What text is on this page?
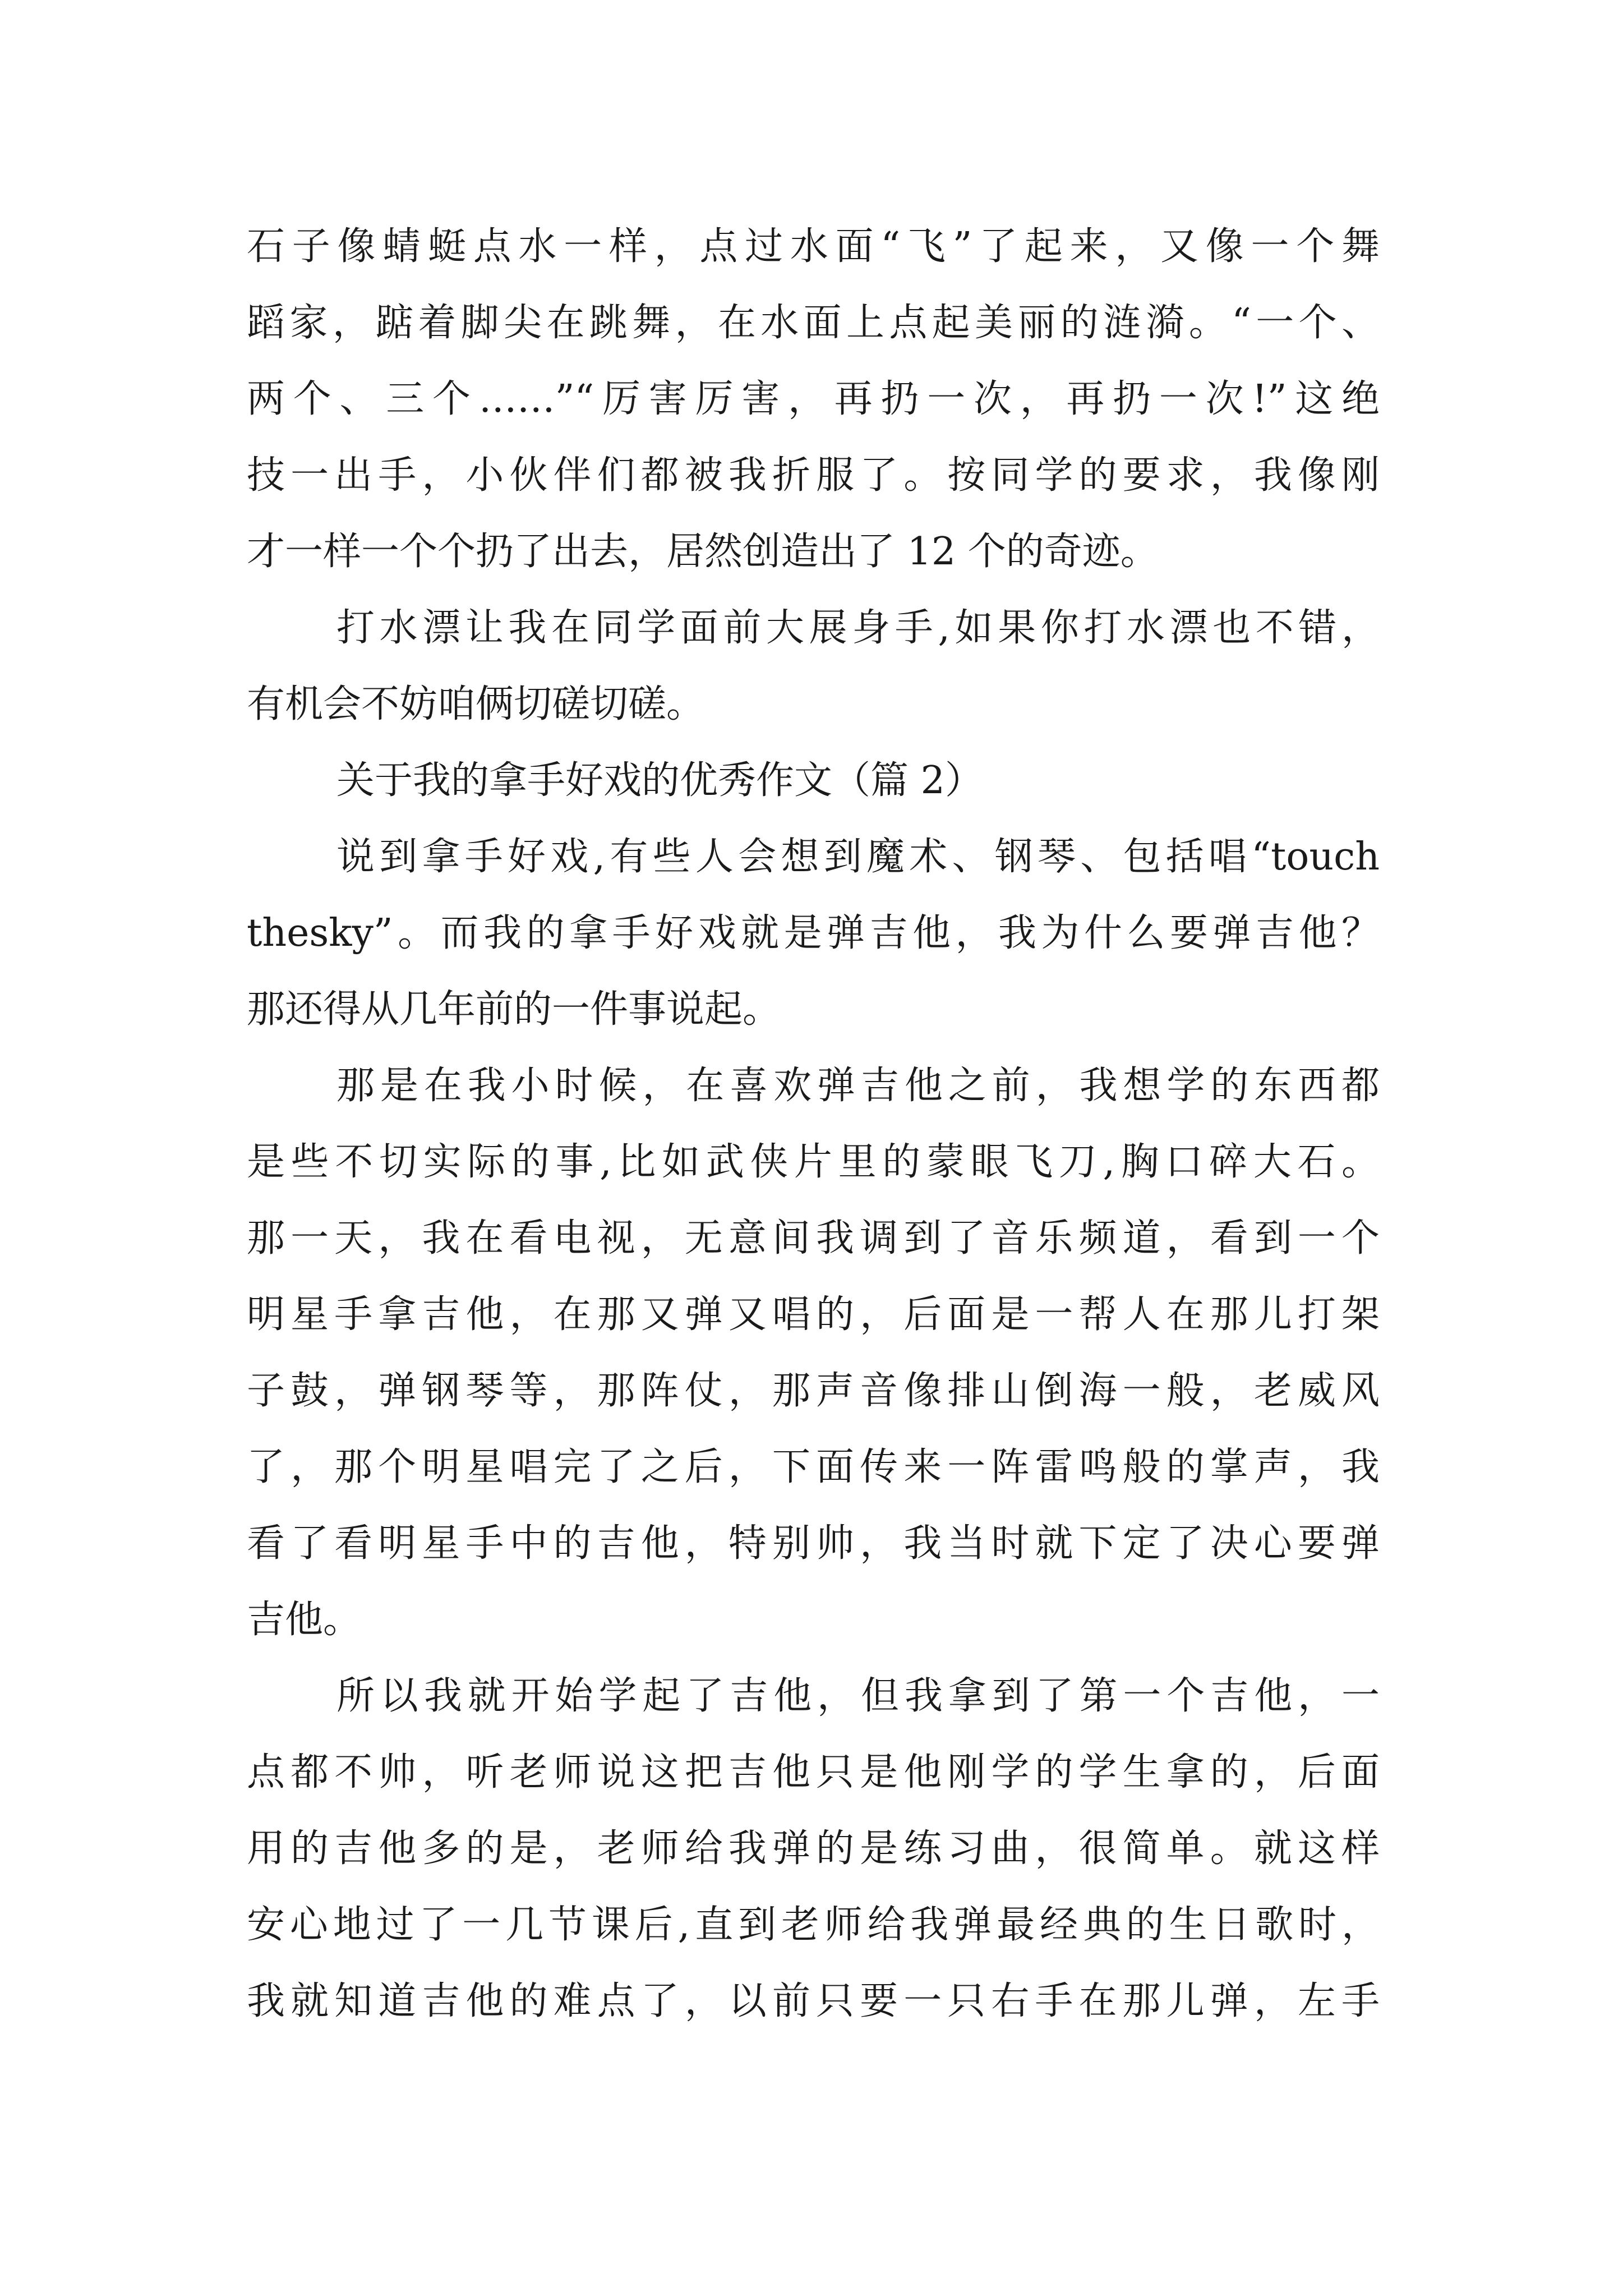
石子像蜻蜓点水一样，点过水面“飞”了起来，又像一个舞
蹈家，踮着脚尖在跳舞，在水面上点起美丽的涟漪。“一个、
两个、三个……”“厉害厉害，再扔一次，再扔一次!”这绝
技一出手，小伙伴们都被我折服了。按同学的要求，我像刚
才一样一个个扔了出去，居然创造出了 12 个的奇迹。
打水漂让我在同学面前大展身手,如果你打水漂也不错，
有机会不妨咱俩切磋切磋。
关于我的拿手好戏的优秀作文（篇 2）
说到拿手好戏,有些人会想到魔术、钢琴、包括唱“touch
thesky”。而我的拿手好戏就是弹吉他，我为什么要弹吉他？
那还得从几年前的一件事说起。
那是在我小时候，在喜欢弹吉他之前，我想学的东西都
是些不切实际的事,比如武侠片里的蒙眼飞刀,胸口碎大石。
那一天，我在看电视，无意间我调到了音乐频道，看到一个
明星手拿吉他，在那又弹又唱的，后面是一帮人在那儿打架
子鼓，弹钢琴等，那阵仗，那声音像排山倒海一般，老威风
了，那个明星唱完了之后，下面传来一阵雷鸣般的掌声，我
看了看明星手中的吉他，特别帅，我当时就下定了决心要弹
吉他。
所以我就开始学起了吉他，但我拿到了第一个吉他，一
点都不帅，听老师说这把吉他只是他刚学的学生拿的，后面
用的吉他多的是，老师给我弹的是练习曲，很简单。就这样
安心地过了一几节课后,直到老师给我弹最经典的生日歌时，
我就知道吉他的难点了，以前只要一只右手在那儿弹，左手
